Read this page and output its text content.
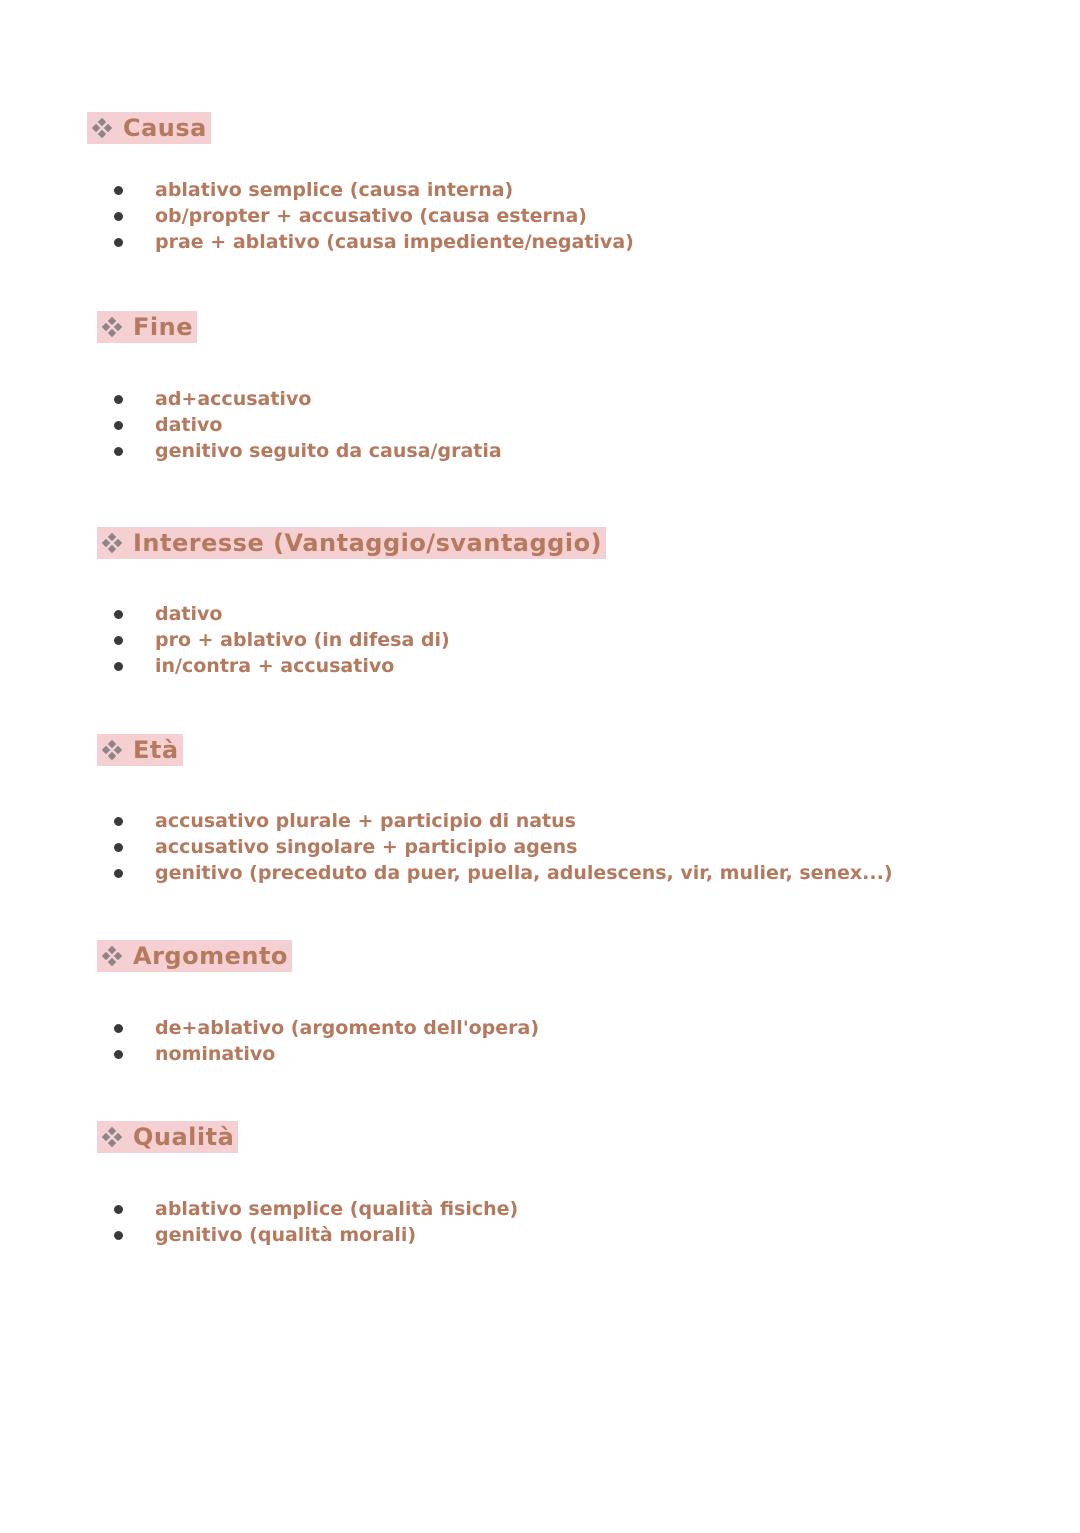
Causa
ablativo semplice (causa interna)
ob/propter + accusativo (causa esterna)
prae + ablativo (causa impediente/negativa)
Fine
ad+accusativo
dativo
genitivo seguito da causa/gratia
Interesse (Vantaggio/svantaggio)
dativo
pro + ablativo (in difesa di)
in/contra + accusativo
Età
accusativo plurale + participio di natus
accusativo singolare + participio agens
genitivo (preceduto da puer, puella, adulescens, vir, mulier, senex...)
Argomento
de+ablativo (argomento dell'opera)
nominativo
Qualità
ablativo semplice (qualità fisiche)
genitivo (qualità morali)
